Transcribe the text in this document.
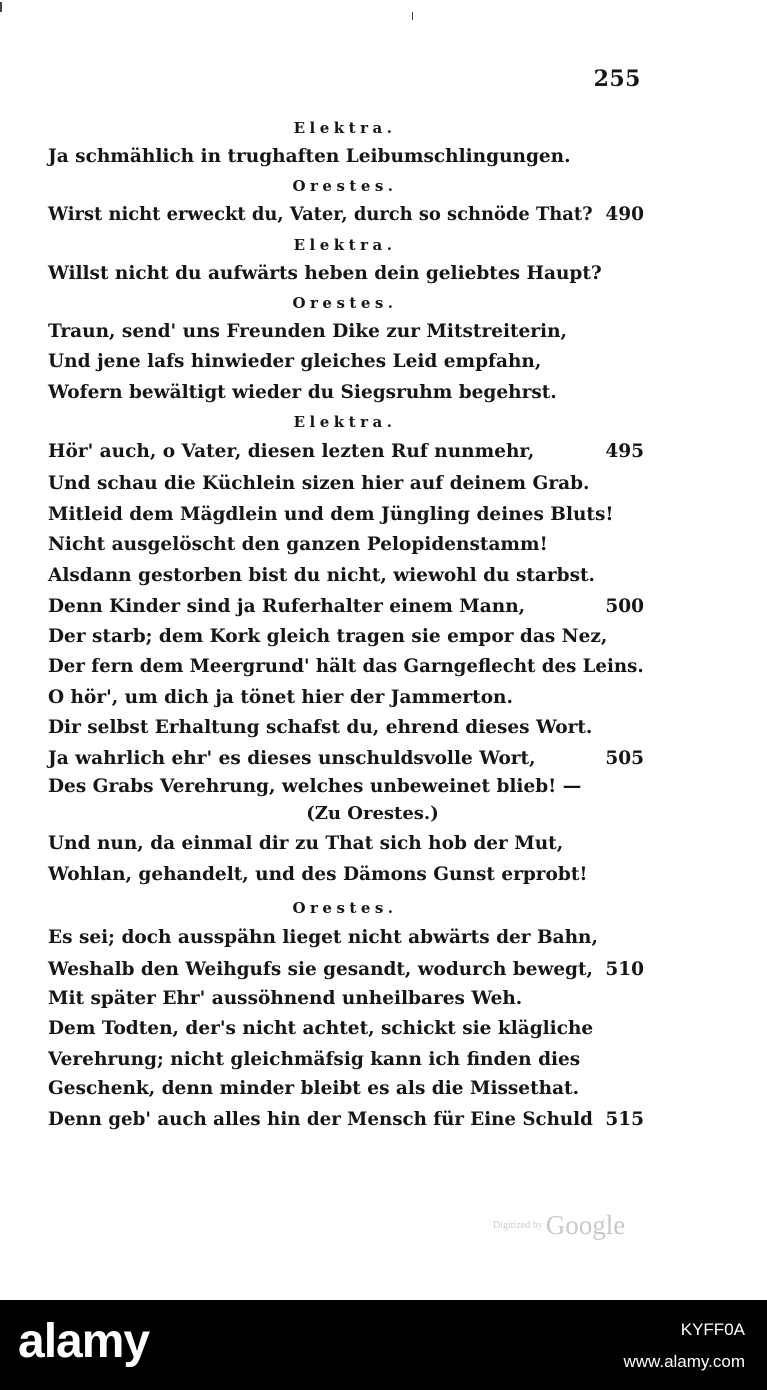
255
Elektra.
Ja schmählich in trughaften Leibumschlingungen.
Orestes.
Wirst nicht erweckt du, Vater, durch so schnöde That? 490
Elektra.
Willst nicht du aufwärts heben dein geliebtes Haupt?
Orestes.
Traun, send' uns Freunden Dike zur Mitstreiterin,
Und jene lafs hinwieder gleiches Leid empfahn,
Wofern bewältigt wieder du Siegsruhm begehrst.
Elektra.
Hör' auch, o Vater, diesen lezten Ruf nunmehr,	495
Und schau die Küchlein sizen hier auf deinem Grab.
Mitleid dem Mägdlein und dem Jüngling deines Bluts!
Nicht ausgelöscht den ganzen Pelopidenstamm!
Alsdann gestorben bist du nicht, wiewohl du starbst.
Denn Kinder sind ja Ruferhalter einem Mann,	500
Der starb; dem Kork gleich tragen sie empor das Nez,
Der fern dem Meergrund' hält das Garngeflecht des Leins.
O hör', um dich ja tönet hier der Jammerton.
Dir selbst Erhaltung schafst du, ehrend dieses Wort.
Ja wahrlich ehr' es dieses unschuldsvolle Wort,	505
Des Grabs Verehrung, welches unbeweinet blieb! —
(Zu Orestes.)
Und nun, da einmal dir zu That sich hob der Mut,
Wohlan, gehandelt, und des Dämons Gunst erprobt!
Orestes.
Es sei; doch ausspähn lieget nicht abwärts der Bahn,
Weshalb den Weihgufs sie gesandt, wodurch bewegt, 510
Mit später Ehr' aussöhnend unheilbares Weh.
Dem Todten, der's nicht achtet, schickt sie klägliche
Verehrung; nicht gleichmäfsig kann ich finden dies
Geschenk, denn minder bleibt es als die Missethat.
Denn geb' auch alles hin der Mensch für Eine Schuld 515
Digitized by Google
alamy	KYFF0A
www.alamy.com
